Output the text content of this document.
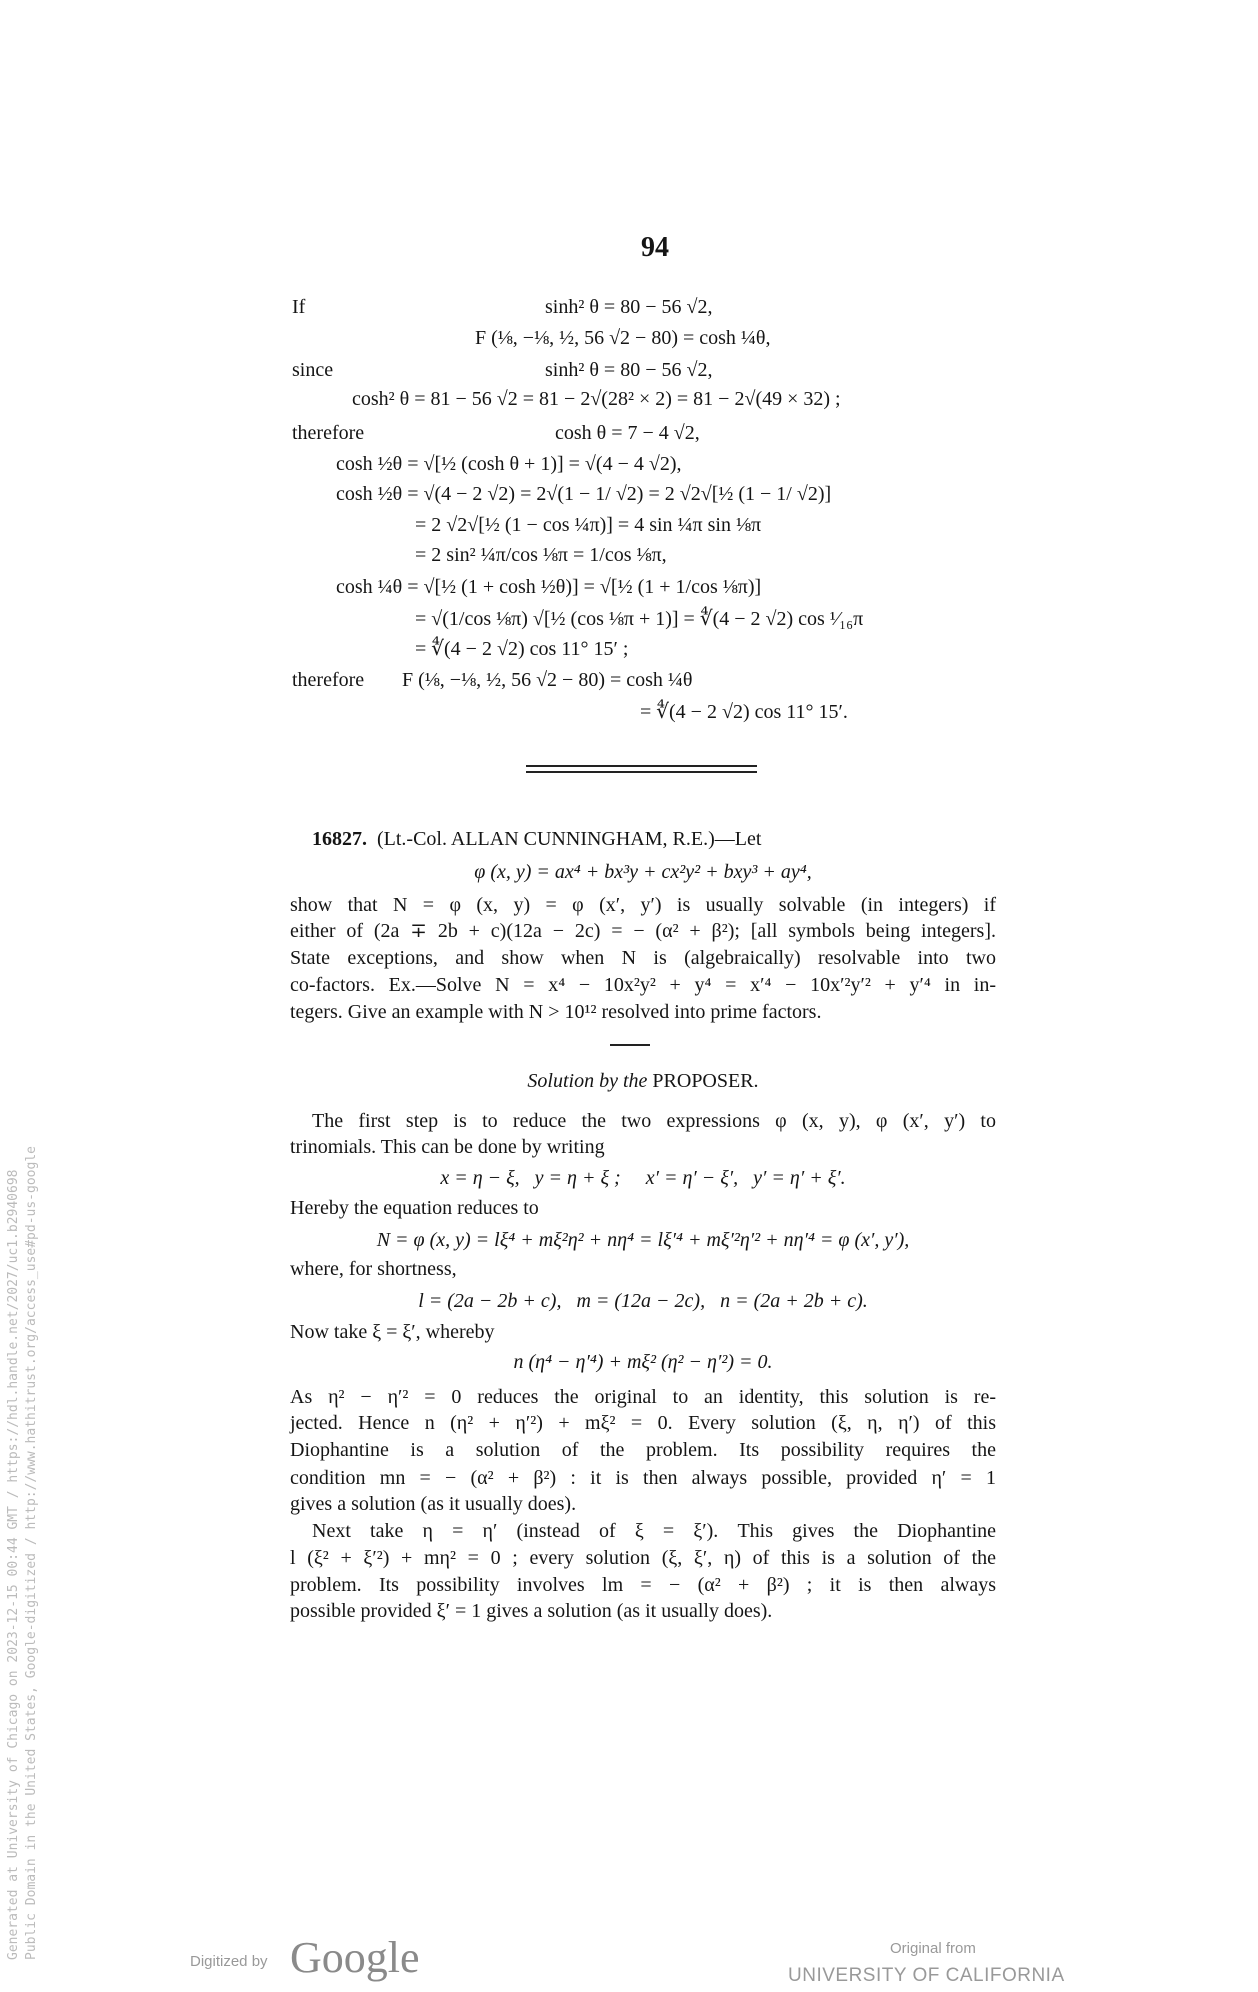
94
If	sinh² θ = 80 − 56 √2,
F (⅛, −⅛, ½, 56 √2 − 80) = cosh ¼θ,
since	sinh² θ = 80 − 56 √2,
cosh² θ = 81 − 56 √2 = 81 − 2√(28² × 2) = 81 − 2√(49 × 32) ;
therefore	cosh θ = 7 − 4 √2,
cosh ½θ = √[½ (cosh θ + 1)] = √(4 − 4 √2),
cosh ½θ = √(4 − 2 √2) = 2√(1 − 1/ √2) = 2 √2√[½ (1 − 1/ √2)]
= 2 √2√[½ (1 − cos ¼π)] = 4 sin ¼π sin ⅛π
= 2 sin² ¼π/cos ⅛π = 1/cos ⅛π,
cosh ¼θ = √[½ (1 + cosh ½θ)] = √[½ (1 + 1/cos ⅛π)]
= √(1/cos ⅛π) √[½ (cos ⅛π + 1)] = ∜(4 − 2 √2) cos ¹⁄₁₆π
= ∜(4 − 2 √2) cos 11° 15′ ;
therefore F (⅛, −⅛, ½, 56 √2 − 80) = cosh ¼θ
= ∜(4 − 2 √2) cos 11° 15′.
16827. (Lt.-Col. ALLAN CUNNINGHAM, R.E.)—Let
φ (x, y) = ax⁴ + bx³y + cx²y² + bxy³ + ay⁴,
show that N = φ (x, y) = φ (x′, y′) is usually solvable (in integers) if
either of (2a ∓ 2b + c)(12a − 2c) = − (α² + β²); [all symbols being integers].
State exceptions, and show when N is (algebraically) resolvable into two
co-factors. Ex.—Solve N = x⁴ − 10x²y² + y⁴ = x′⁴ − 10x′²y′² + y′⁴ in in-
tegers. Give an example with N > 10¹² resolved into prime factors.
Solution by the PROPOSER.
The first step is to reduce the two expressions φ (x, y), φ (x′, y′) to
trinomials. This can be done by writing
x = η − ξ,   y = η + ξ ;     x′ = η′ − ξ′,   y′ = η′ + ξ′.
Hereby the equation reduces to
N = φ (x, y) = lξ⁴ + mξ²η² + nη⁴ = lξ′⁴ + mξ′²η′² + nη′⁴ = φ (x′, y′),
where, for shortness,
l = (2a − 2b + c),   m = (12a − 2c),   n = (2a + 2b + c).
Now take ξ = ξ′, whereby
n (η⁴ − η′⁴) + mξ² (η² − η′²) = 0.
As η² − η′² = 0 reduces the original to an identity, this solution is re-
jected. Hence n (η² + η′²) + mξ² = 0. Every solution (ξ, η, η′) of this
Diophantine is a solution of the problem. Its possibility requires the
condition mn = − (α² + β²) : it is then always possible, provided η′ = 1
gives a solution (as it usually does).
Next take η = η′ (instead of ξ = ξ′). This gives the Diophantine
l (ξ² + ξ′²) + mη² = 0 ; every solution (ξ, ξ′, η) of this is a solution of the
problem. Its possibility involves lm = − (α² + β²) ; it is then always
possible provided ξ′ = 1 gives a solution (as it usually does).
Generated at University of Chicago on 2023-12-15 00:44 GMT / https://hdl.handle.net/2027/uc1.b2940698 Public Domain in the United States, Google-digitized / http://www.hathitrust.org/access_use#pd-us-google
Digitized by Google	Original from
UNIVERSITY OF CALIFORNIA
